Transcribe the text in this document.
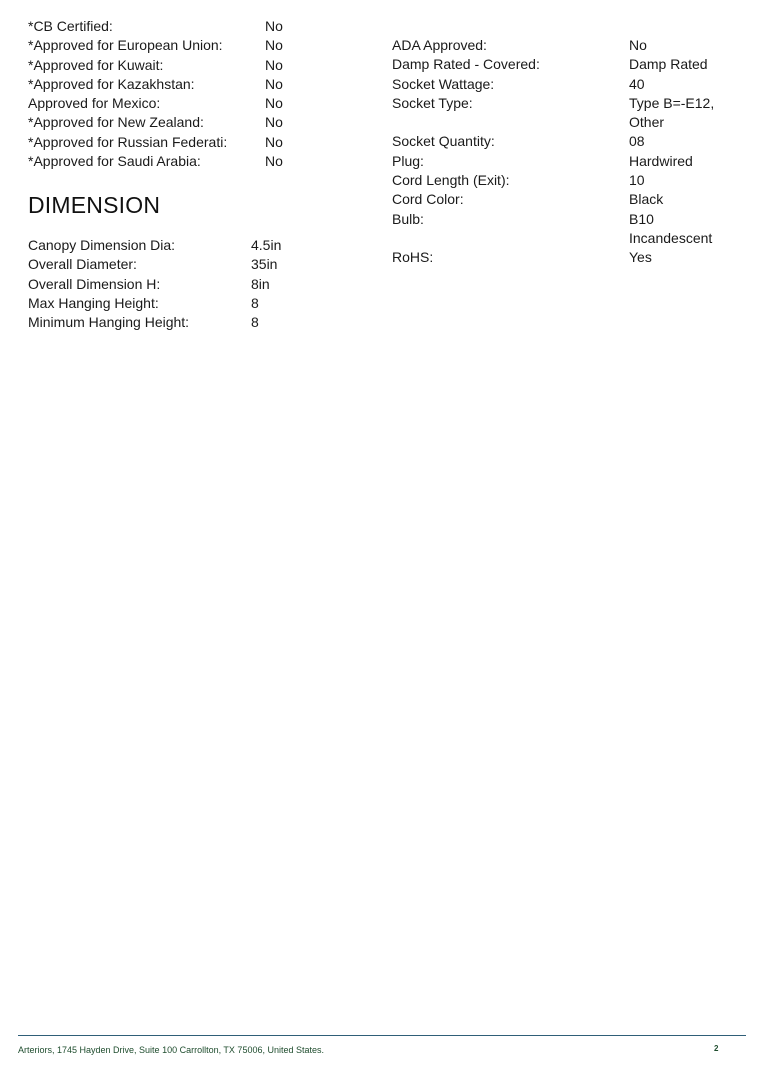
*CB Certified:	No
*Approved for European Union:	No
*Approved for Kuwait:	No
*Approved for Kazakhstan:	No
Approved for Mexico:	No
*Approved for New Zealand:	No
*Approved for Russian Federati:	No
*Approved for Saudi Arabia:	No
DIMENSION
Canopy Dimension Dia:	4.5in
Overall Diameter:	35in
Overall Dimension H:	8in
Max Hanging Height:	8
Minimum Hanging Height:	8
ADA Approved:	No
Damp Rated - Covered:	Damp Rated
Socket Wattage:	40
Socket Type:	Type B=-E12,
Other
Socket Quantity:	08
Plug:	Hardwired
Cord Length (Exit):	10
Cord Color:	Black
Bulb:	B10
Incandescent
RoHS:	Yes
Arteriors, 1745 Hayden Drive, Suite 100 Carrollton, TX 75006, United States.	2
